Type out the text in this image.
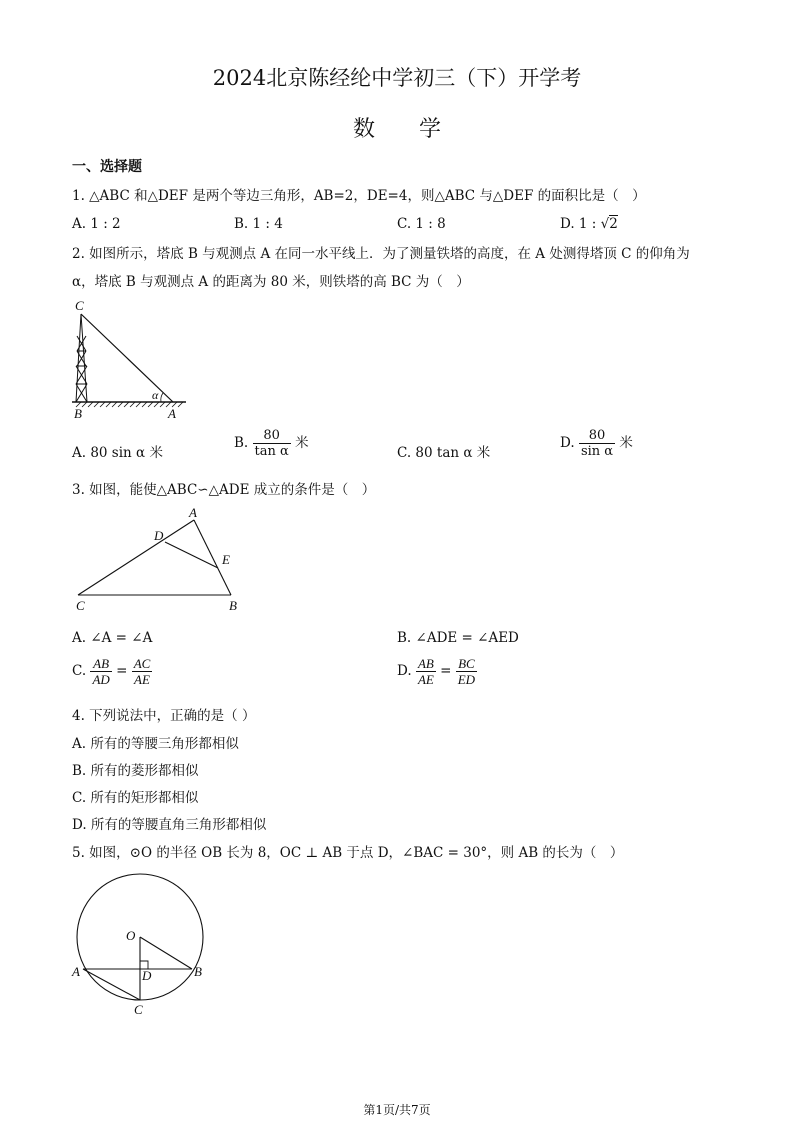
2024北京陈经纶中学初三（下）开学考
数　　学
一、选择题
1. △ABC 和△DEF 是两个等边三角形，AB=2，DE=4，则△ABC 与△DEF 的面积比是（　）
A. 1 : 2	B. 1 : 4	C. 1 : 8	D. 1 : √2
2. 如图所示，塔底 B 与观测点 A 在同一水平线上．为了测量铁塔的高度，在 A 处测得塔顶 C 的仰角为
α，塔底 B 与观测点 A 的距离为 80 米，则铁塔的高 BC 为（　）
C
B	A
α
A. 80 sin α 米
B. $\frac{80}{\text{tan α}}$ 米
C. 80 tan α 米
D. $\frac{80}{\text{sin α}}$ 米
3. 如图，能使△ABC∽△ADE 成立的条件是（　）
A
D
E
C	B
A. ∠A = ∠A	B. ∠ADE = ∠AED
C. $\frac{AB}{AD} = \frac{AC}{AE}$	D. $\frac{AB}{AE} = \frac{BC}{ED}$
4. 下列说法中，正确的是（ ）
A. 所有的等腰三角形都相似
B. 所有的菱形都相似
C. 所有的矩形都相似
D. 所有的等腰直角三角形都相似
5. 如图，⊙O 的半径 OB 长为 8，OC ⊥ AB 于点 D，∠BAC = 30°，则 AB 的长为（　）
O
A	D	B
C
第1页/共7页
